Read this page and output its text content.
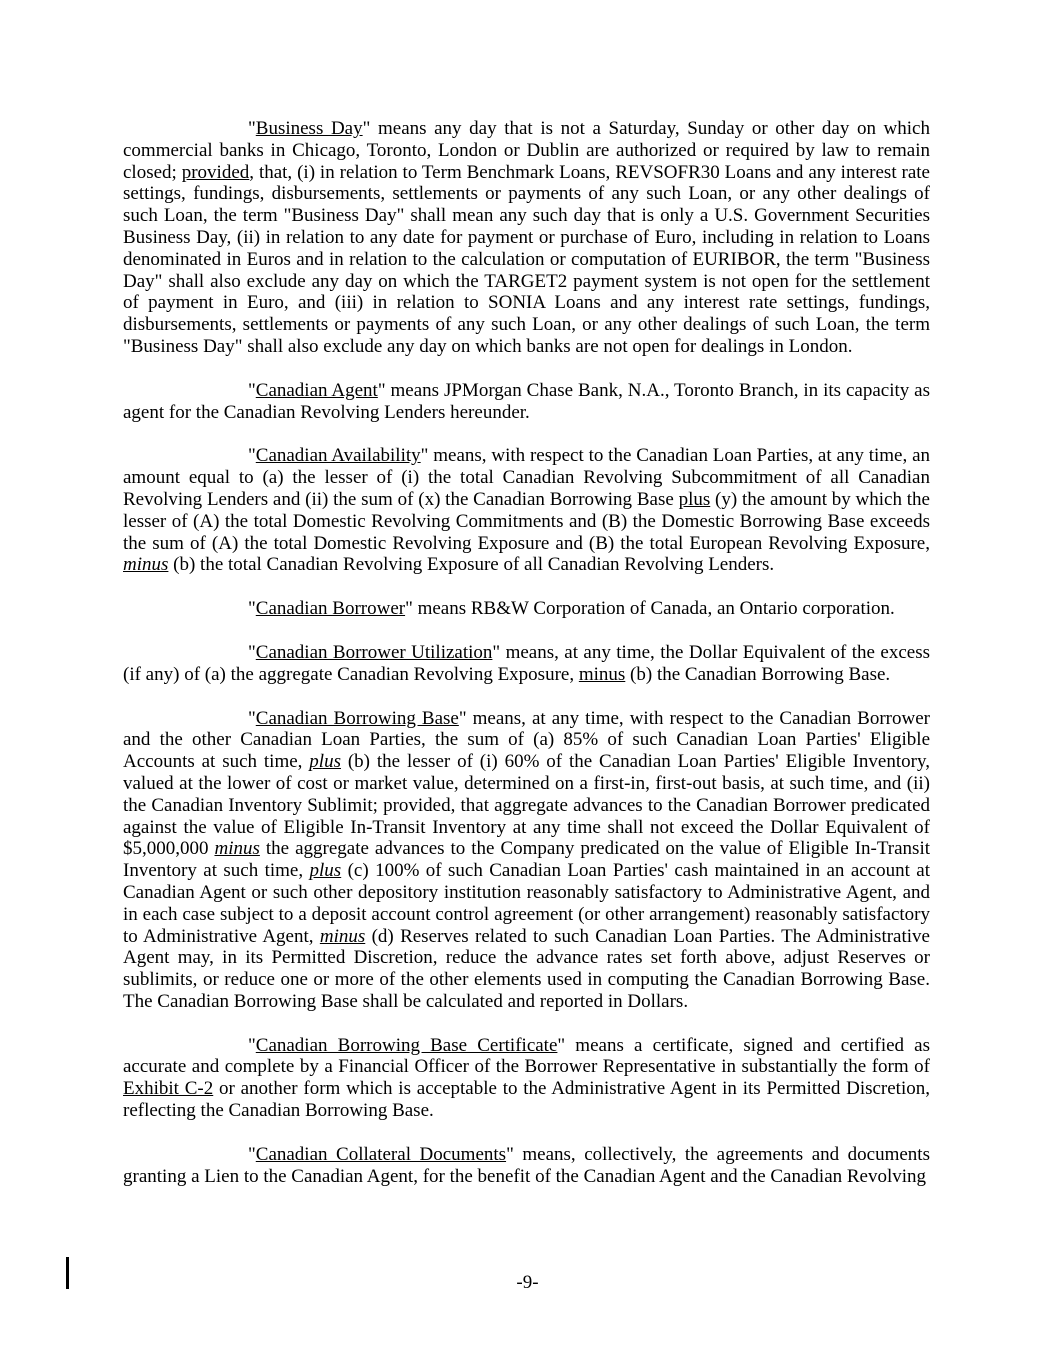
"Business Day" means any day that is not a Saturday, Sunday or other day on which commercial banks in Chicago, Toronto, London or Dublin are authorized or required by law to remain closed; provided, that, (i) in relation to Term Benchmark Loans, REVSOFR30 Loans and any interest rate settings, fundings, disbursements, settlements or payments of any such Loan, or any other dealings of such Loan, the term "Business Day" shall mean any such day that is only a U.S. Government Securities Business Day, (ii) in relation to any date for payment or purchase of Euro, including in relation to Loans denominated in Euros and in relation to the calculation or computation of EURIBOR, the term "Business Day" shall also exclude any day on which the TARGET2 payment system is not open for the settlement of payment in Euro, and (iii) in relation to SONIA Loans and any interest rate settings, fundings, disbursements, settlements or payments of any such Loan, or any other dealings of such Loan, the term "Business Day" shall also exclude any day on which banks are not open for dealings in London.

"Canadian Agent" means JPMorgan Chase Bank, N.A., Toronto Branch, in its capacity as agent for the Canadian Revolving Lenders hereunder.

"Canadian Availability" means, with respect to the Canadian Loan Parties, at any time, an amount equal to (a) the lesser of (i) the total Canadian Revolving Subcommitment of all Canadian Revolving Lenders and (ii) the sum of (x) the Canadian Borrowing Base plus (y) the amount by which the lesser of (A) the total Domestic Revolving Commitments and (B) the Domestic Borrowing Base exceeds the sum of (A) the total Domestic Revolving Exposure and (B) the total European Revolving Exposure, minus (b) the total Canadian Revolving Exposure of all Canadian Revolving Lenders.

"Canadian Borrower" means RB&W Corporation of Canada, an Ontario corporation.

"Canadian Borrower Utilization" means, at any time, the Dollar Equivalent of the excess (if any) of (a) the aggregate Canadian Revolving Exposure, minus (b) the Canadian Borrowing Base.

"Canadian Borrowing Base" means, at any time, with respect to the Canadian Borrower and the other Canadian Loan Parties, the sum of (a) 85% of such Canadian Loan Parties' Eligible Accounts at such time, plus (b) the lesser of (i) 60% of the Canadian Loan Parties' Eligible Inventory, valued at the lower of cost or market value, determined on a first-in, first-out basis, at such time, and (ii) the Canadian Inventory Sublimit; provided, that aggregate advances to the Canadian Borrower predicated against the value of Eligible In-Transit Inventory at any time shall not exceed the Dollar Equivalent of $5,000,000 minus the aggregate advances to the Company predicated on the value of Eligible In-Transit Inventory at such time, plus (c) 100% of such Canadian Loan Parties' cash maintained in an account at Canadian Agent or such other depository institution reasonably satisfactory to Administrative Agent, and in each case subject to a deposit account control agreement (or other arrangement) reasonably satisfactory to Administrative Agent, minus (d) Reserves related to such Canadian Loan Parties. The Administrative Agent may, in its Permitted Discretion, reduce the advance rates set forth above, adjust Reserves or sublimits, or reduce one or more of the other elements used in computing the Canadian Borrowing Base. The Canadian Borrowing Base shall be calculated and reported in Dollars.

"Canadian Borrowing Base Certificate" means a certificate, signed and certified as accurate and complete by a Financial Officer of the Borrower Representative in substantially the form of Exhibit C-2 or another form which is acceptable to the Administrative Agent in its Permitted Discretion, reflecting the Canadian Borrowing Base.

"Canadian Collateral Documents" means, collectively, the agreements and documents granting a Lien to the Canadian Agent, for the benefit of the Canadian Agent and the Canadian Revolving

-9-
